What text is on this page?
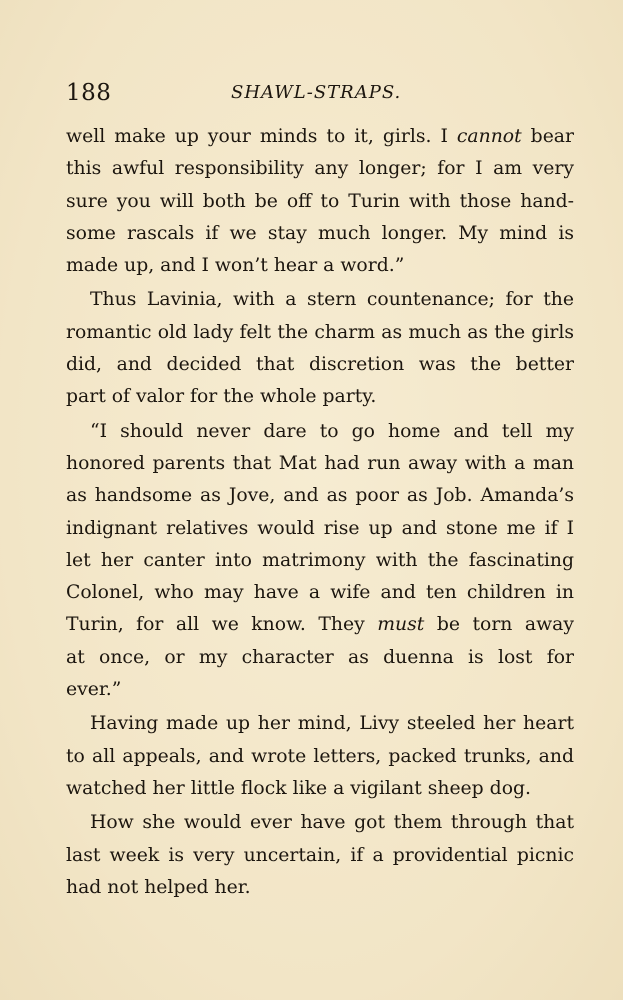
188	SHAWL-STRAPS.
well make up your minds to it, girls. I cannot bear
this awful responsibility any longer; for I am very
sure you will both be off to Turin with those hand-
some rascals if we stay much longer. My mind is
made up, and I won’t hear a word.”
Thus Lavinia, with a stern countenance; for the
romantic old lady felt the charm as much as the girls
did, and decided that discretion was the better
part of valor for the whole party.
“I should never dare to go home and tell my
honored parents that Mat had run away with a man
as handsome as Jove, and as poor as Job. Amanda’s
indignant relatives would rise up and stone me if I
let her canter into matrimony with the fascinating
Colonel, who may have a wife and ten children in
Turin, for all we know. They must be torn away
at once, or my character as duenna is lost for
ever.”
Having made up her mind, Livy steeled her heart
to all appeals, and wrote letters, packed trunks, and
watched her little flock like a vigilant sheep dog.
How she would ever have got them through that
last week is very uncertain, if a providential picnic
had not helped her.
